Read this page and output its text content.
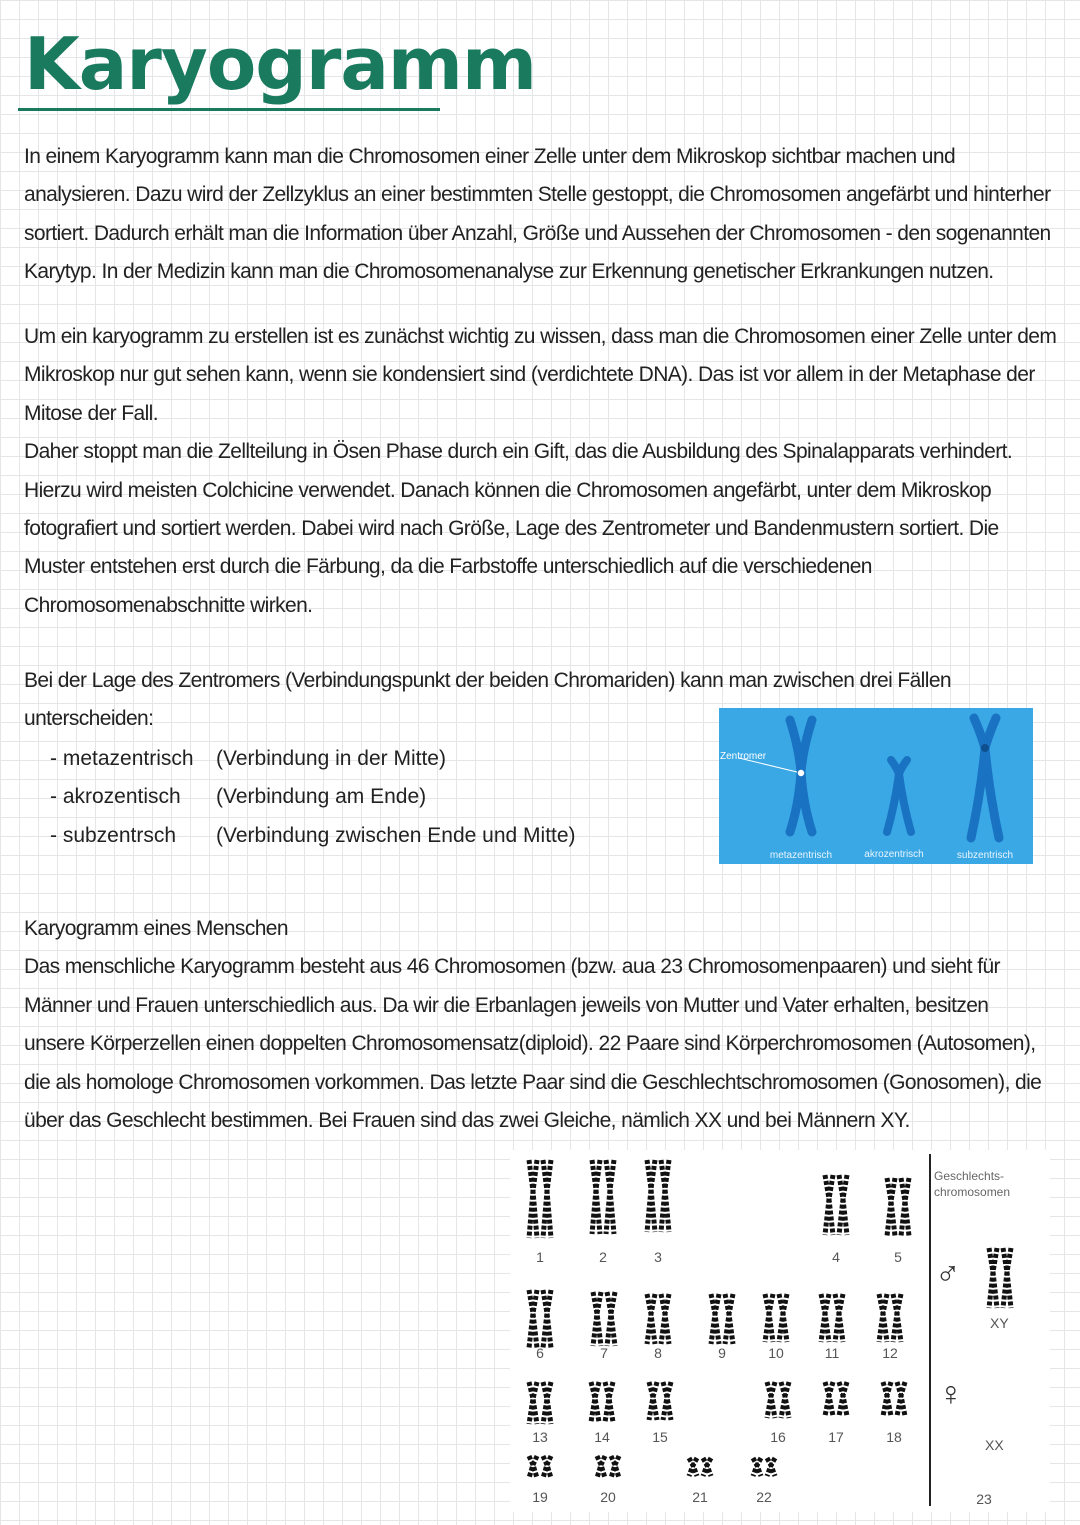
Karyogramm
In einem Karyogramm kann man die Chromosomen einer Zelle unter dem Mikroskop sichtbar machen und
analysieren. Dazu wird der Zellzyklus an einer bestimmten Stelle gestoppt, die Chromosomen angefärbt und hinterher
sortiert. Dadurch erhält man die Information über Anzahl, Größe und Aussehen der Chromosomen - den sogenannten
Karytyp. In der Medizin kann man die Chromosomenanalyse zur Erkennung genetischer Erkrankungen nutzen.
Um ein karyogramm zu erstellen ist es zunächst wichtig zu wissen, dass man die Chromosomen einer Zelle unter dem
Mikroskop nur gut sehen kann, wenn sie kondensiert sind (verdichtete DNA). Das ist vor allem in der Metaphase der
Mitose der Fall.
Daher stoppt man die Zellteilung in Ösen Phase durch ein Gift, das die Ausbildung des Spinalapparats verhindert.
Hierzu wird meisten Colchicine verwendet. Danach können die Chromosomen angefärbt, unter dem Mikroskop
fotografiert und sortiert werden. Dabei wird nach Größe, Lage des Zentrometer und Bandenmustern sortiert. Die
Muster entstehen erst durch die Färbung, da die Farbstoffe unterschiedlich auf die verschiedenen
Chromosomenabschnitte wirken.
Bei der Lage des Zentromers (Verbindungspunkt der beiden Chromariden) kann man zwischen drei Fällen
unterscheiden:
- metazentrisch (Verbindung in der Mitte)
- akrozentisch (Verbindung am Ende)
- subzentrsch (Verbindung zwischen Ende und Mitte)
Zentromer
metazentrisch	akrozentrisch	subzentrisch
Karyogramm eines Menschen
Das menschliche Karyogramm besteht aus 46 Chromosomen (bzw. aua 23 Chromosomenpaaren) und sieht für
Männer und Frauen unterschiedlich aus. Da wir die Erbanlagen jeweils von Mutter und Vater erhalten, besitzen
unsere Körperzellen einen doppelten Chromosomensatz(diploid). 22 Paare sind Körperchromosomen (Autosomen),
die als homologe Chromosomen vorkommen. Das letzte Paar sind die Geschlechtschromosomen (Gonosomen), die
über das Geschlecht bestimmen. Bei Frauen sind das zwei Gleiche, nämlich XX und bei Männern XY.
1	2	3	4	5
6	7	8	9	10	11	12
13	14	15	16	17	18
19	20	21	22	23
Geschlechts-
chromosomen
♂
XY
♀
XX
